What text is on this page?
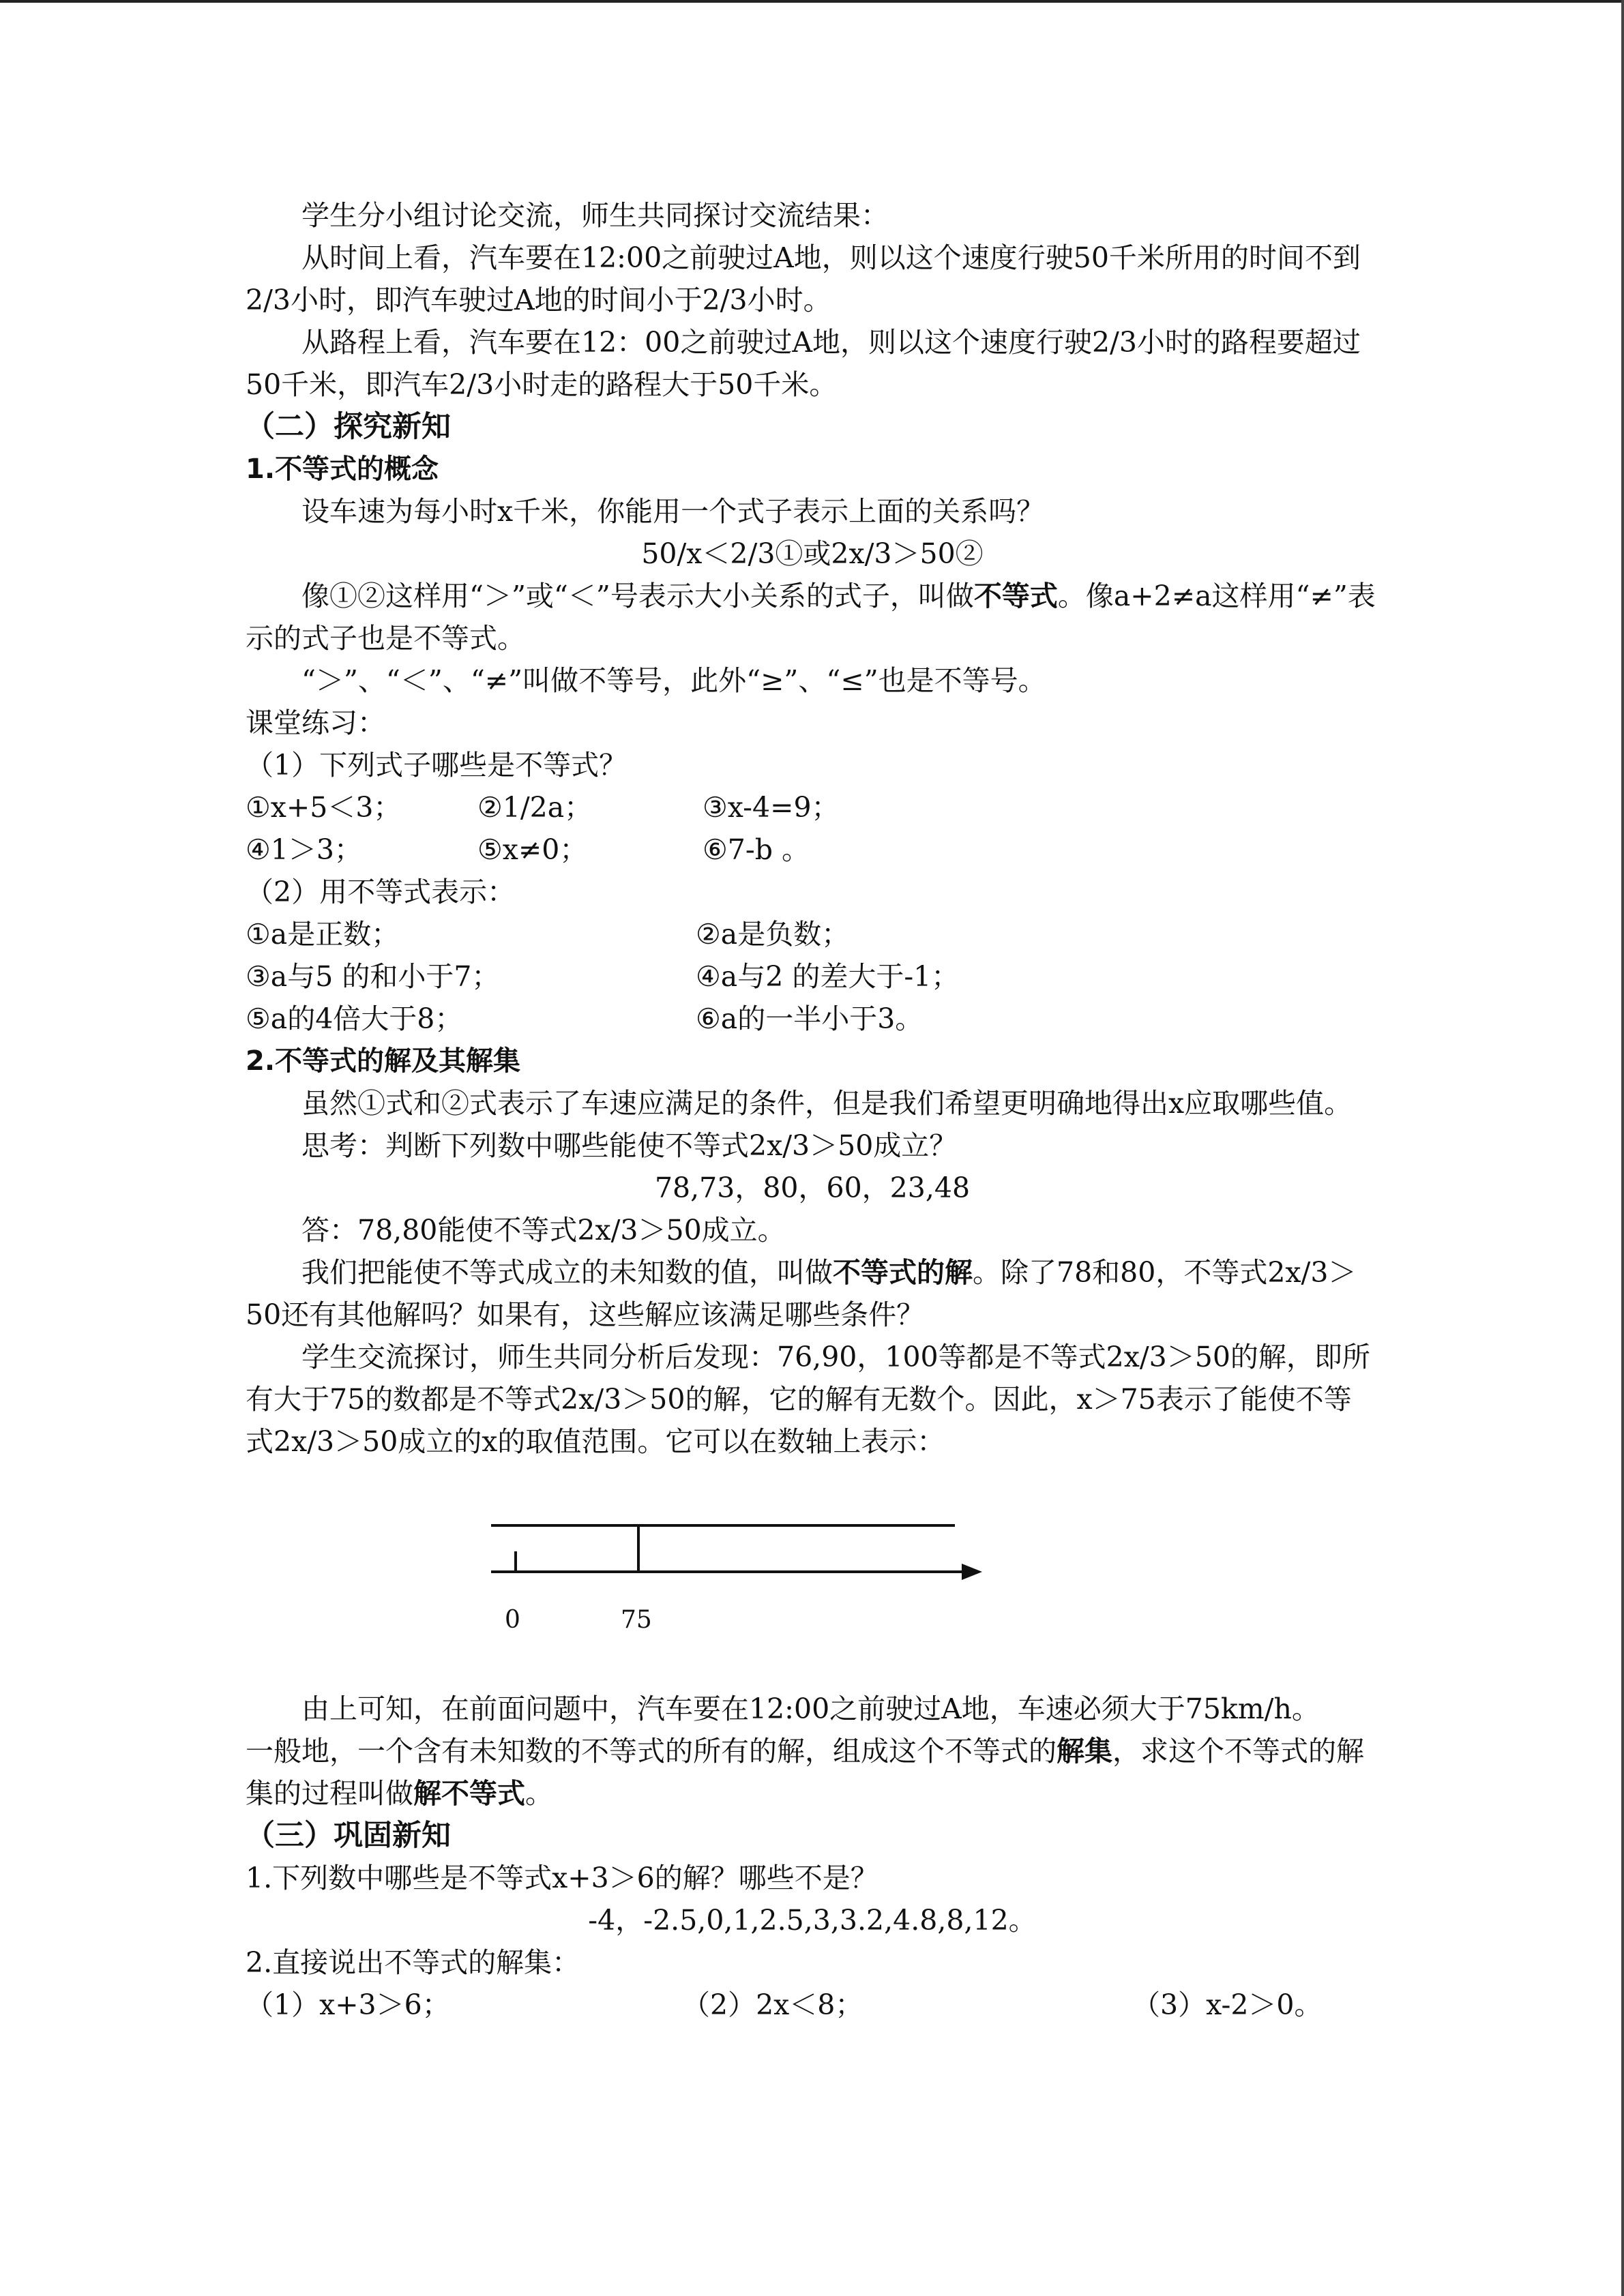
学生分小组讨论交流，师生共同探讨交流结果：

从时间上看，汽车要在12:00之前驶过A地，则以这个速度行驶50千米所用的时间不到2/3小时，即汽车驶过A地的时间小于2/3小时。

从路程上看，汽车要在12：00之前驶过A地，则以这个速度行驶2/3小时的路程要超过50千米，即汽车2/3小时走的路程大于50千米。

（二）探究新知

1.不等式的概念

设车速为每小时x千米，你能用一个式子表示上面的关系吗？

50/x＜2/3①或2x/3＞50②

像①②这样用“＞”或“＜”号表示大小关系的式子，叫做不等式。像a+2≠a这样用“≠”表示的式子也是不等式。

“＞”、“＜”、“≠”叫做不等号，此外“≥”、“≤”也是不等号。

课堂练习：

（1）下列式子哪些是不等式？

①x+5＜3；	②1/2a；	③x-4=9；
④1＞3；	⑤x≠0；	⑥7-b 。

（2）用不等式表示：

①a是正数；	②a是负数；
③a与5 的和小于7；	④a与2 的差大于-1；
⑤a的4倍大于8；	⑥a的一半小于3。

2.不等式的解及其解集

虽然①式和②式表示了车速应满足的条件，但是我们希望更明确地得出x应取哪些值。

思考：判断下列数中哪些能使不等式2x/3＞50成立？

78,73，80，60，23,48

答：78,80能使不等式2x/3＞50成立。

我们把能使不等式成立的未知数的值，叫做不等式的解。除了78和80，不等式2x/3＞50还有其他解吗？如果有，这些解应该满足哪些条件？

学生交流探讨，师生共同分析后发现：76,90，100等都是不等式2x/3＞50的解，即所有大于75的数都是不等式2x/3＞50的解，它的解有无数个。因此，x＞75表示了能使不等式2x/3＞50成立的x的取值范围。它可以在数轴上表示：

0	75

由上可知，在前面问题中，汽车要在12:00之前驶过A地，车速必须大于75km/h。

一般地，一个含有未知数的不等式的所有的解，组成这个不等式的解集，求这个不等式的解集的过程叫做解不等式。

（三）巩固新知

1.下列数中哪些是不等式x+3＞6的解？哪些不是？

-4，-2.5,0,1,2.5,3,3.2,4.8,8,12。

2.直接说出不等式的解集：

（1）x+3＞6；	（2）2x＜8；	（3）x-2＞0。
